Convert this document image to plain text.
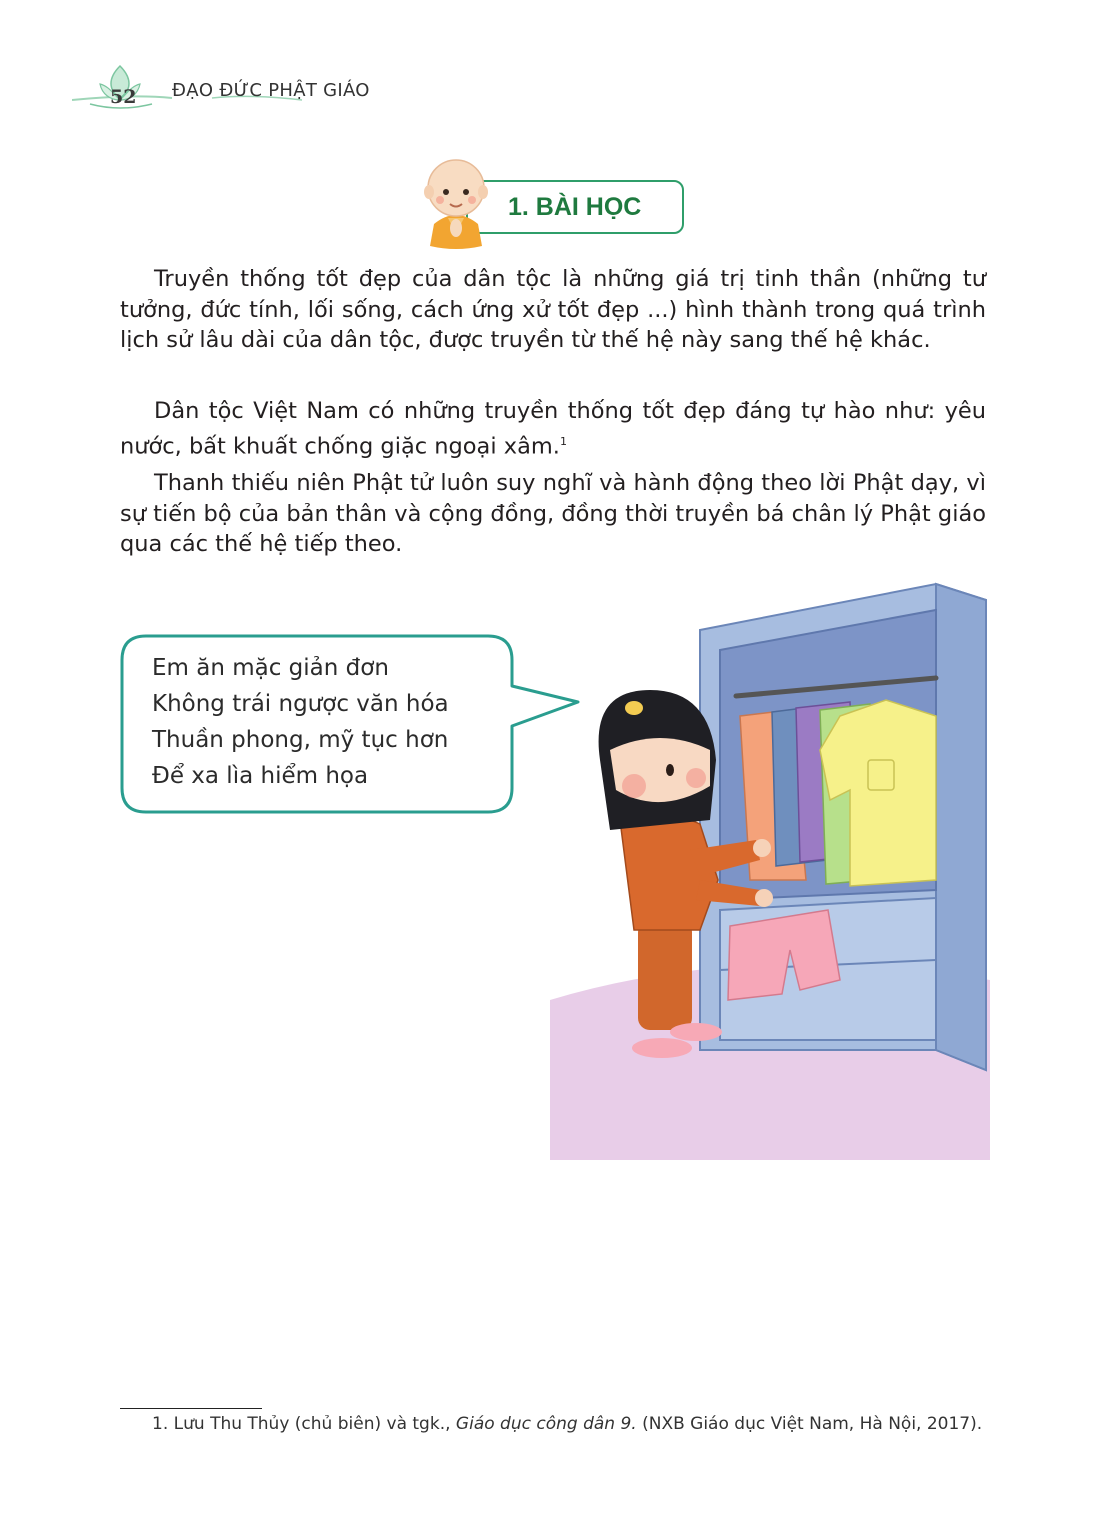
52 ĐẠO ĐỨC PHẬT GIÁO
1. BÀI HỌC

Truyền thống tốt đẹp của dân tộc là những giá trị tinh thần (những tư tưởng, đức tính, lối sống, cách ứng xử tốt đẹp ...) hình thành trong quá trình lịch sử lâu dài của dân tộc, được truyền từ thế hệ này sang thế hệ khác.

Dân tộc Việt Nam có những truyền thống tốt đẹp đáng tự hào như: yêu nước, bất khuất chống giặc ngoại xâm.$^1$

Thanh thiếu niên Phật tử luôn suy nghĩ và hành động theo lời Phật dạy, vì sự tiến bộ của bản thân và cộng đồng, đồng thời truyền bá chân lý Phật giáo qua các thế hệ tiếp theo.

Em ăn mặc giản đơn
Không trái ngược văn hóa
Thuần phong, mỹ tục hơn
Để xa lìa hiểm họa
1. Lưu Thu Thủy (chủ biên) và tgk., Giáo dục công dân 9. (NXB Giáo dục Việt Nam, Hà Nội, 2017).
